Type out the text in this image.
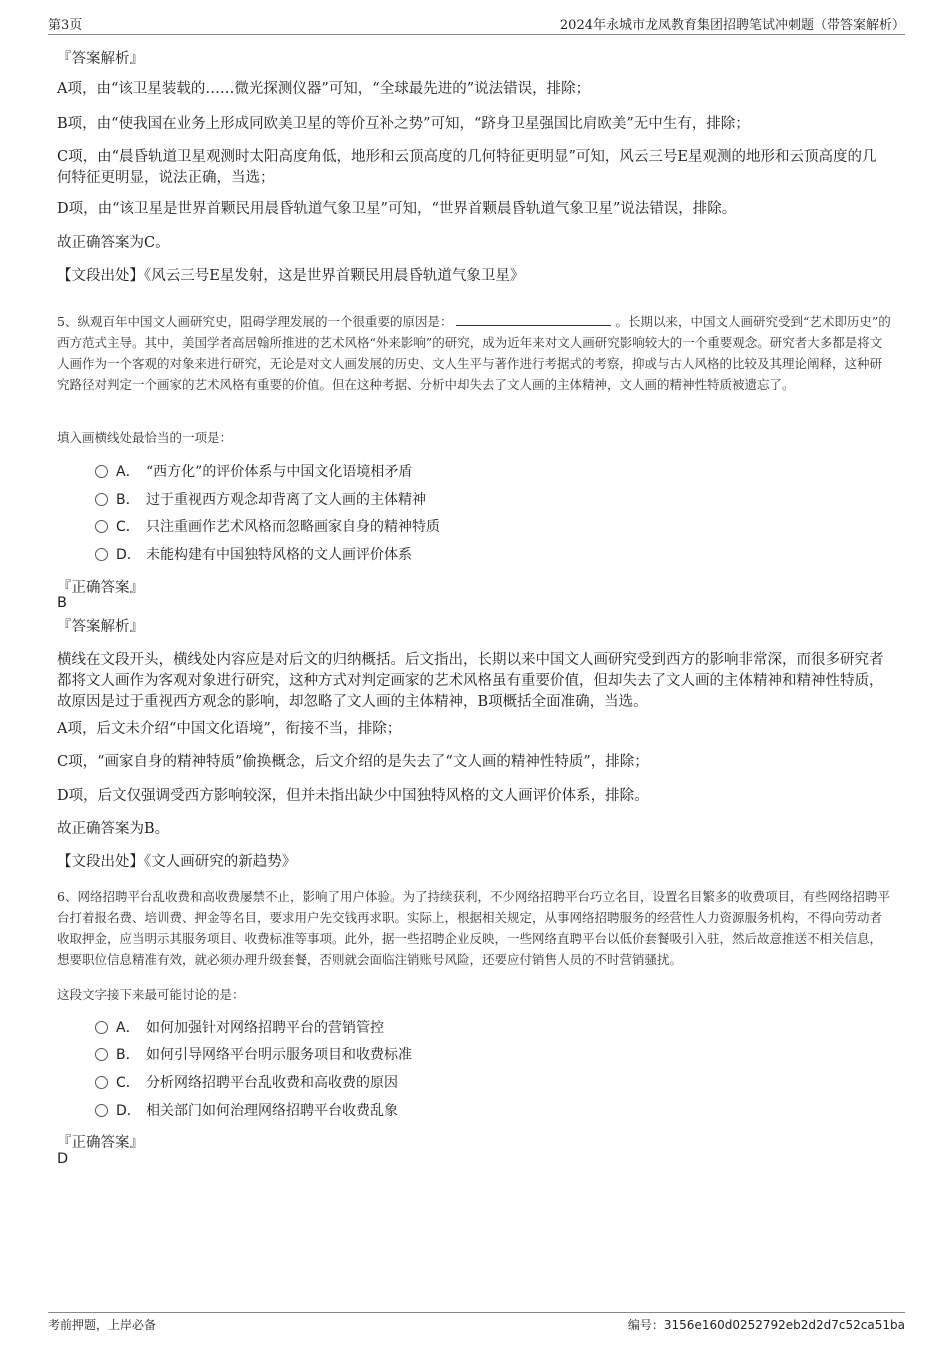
第3页	2024年永城市龙凤教育集团招聘笔试冲刺题（带答案解析）
『答案解析』
A项，由“该卫星装载的……微光探测仪器”可知，“全球最先进的”说法错误，排除；
B项，由“使我国在业务上形成同欧美卫星的等价互补之势”可知，“跻身卫星强国比肩欧美”无中生有，排除；
C项，由“晨昏轨道卫星观测时太阳高度角低，地形和云顶高度的几何特征更明显”可知，风云三号E星观测的地形和云顶高度的几何特征更明显，说法正确，当选；
D项，由“该卫星是世界首颗民用晨昏轨道气象卫星”可知，“世界首颗晨昏轨道气象卫星”说法错误，排除。
故正确答案为C。
【文段出处】《风云三号E星发射，这是世界首颗民用晨昏轨道气象卫星》
5、纵观百年中国文人画研究史，阻碍学理发展的一个很重要的原因是：	。长期以来，中国文人画研究受到“艺术即历史”的西方范式主导。其中，美国学者高居翰所推进的艺术风格“外来影响”的研究，成为近年来对文人画研究影响较大的一个重要观念。研究者大多都是将文人画作为一个客观的对象来进行研究，无论是对文人画发展的历史、文人生平与著作进行考据式的考察，抑或与古人风格的比较及其理论阐释，这种研究路径对判定一个画家的艺术风格有重要的价值。但在这种考据、分析中却失去了文人画的主体精神，文人画的精神性特质被遗忘了。
填入画横线处最恰当的一项是：
A． “西方化”的评价体系与中国文化语境相矛盾
B． 过于重视西方观念却背离了文人画的主体精神
C． 只注重画作艺术风格而忽略画家自身的精神特质
D． 未能构建有中国独特风格的文人画评价体系
『正确答案』
B
『答案解析』
横线在文段开头，横线处内容应是对后文的归纳概括。后文指出，长期以来中国文人画研究受到西方的影响非常深，而很多研究者都将文人画作为客观对象进行研究，这种方式对判定画家的艺术风格虽有重要价值，但却失去了文人画的主体精神和精神性特质，故原因是过于重视西方观念的影响，却忽略了文人画的主体精神，B项概括全面准确，当选。
A项，后文未介绍“中国文化语境”，衔接不当，排除；
C项，“画家自身的精神特质”偷换概念，后文介绍的是失去了“文人画的精神性特质”，排除；
D项，后文仅强调受西方影响较深，但并未指出缺少中国独特风格的文人画评价体系，排除。
故正确答案为B。
【文段出处】《文人画研究的新趋势》
6、网络招聘平台乱收费和高收费屡禁不止，影响了用户体验。为了持续获利，不少网络招聘平台巧立名目，设置名目繁多的收费项目，有些网络招聘平台打着报名费、培训费、押金等名目，要求用户先交钱再求职。实际上，根据相关规定，从事网络招聘服务的经营性人力资源服务机构，不得向劳动者收取押金，应当明示其服务项目、收费标准等事项。此外，据一些招聘企业反映，一些网络直聘平台以低价套餐吸引入驻，然后故意推送不相关信息，想要职位信息精准有效，就必须办理升级套餐，否则就会面临注销账号风险，还要应付销售人员的不时营销骚扰。
这段文字接下来最可能讨论的是：
A． 如何加强针对网络招聘平台的营销管控
B． 如何引导网络平台明示服务项目和收费标准
C． 分析网络招聘平台乱收费和高收费的原因
D． 相关部门如何治理网络招聘平台收费乱象
『正确答案』
D
考前押题，上岸必备	编号：3156e160d0252792eb2d2d7c52ca51ba
